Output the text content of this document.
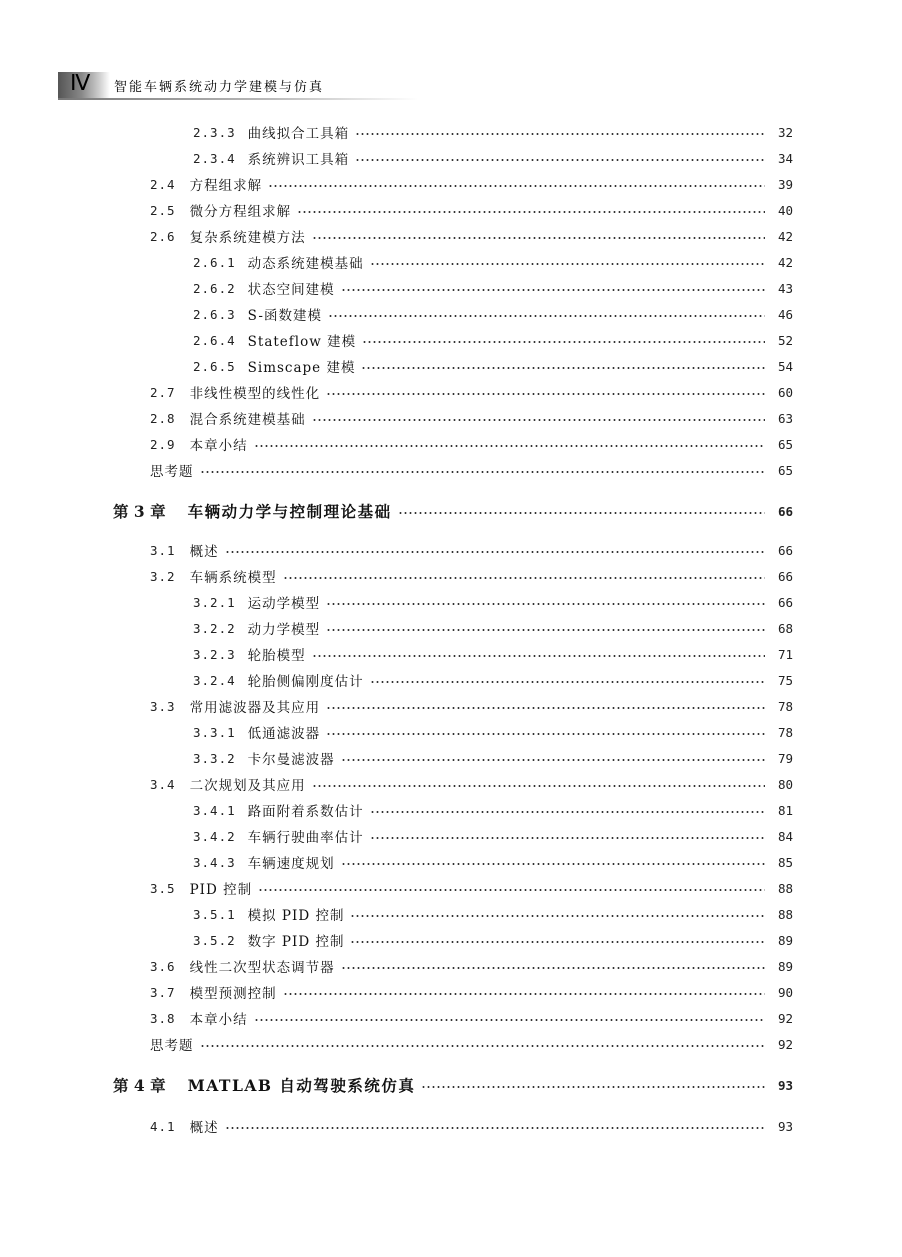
Ⅳ 智能车辆系统动力学建模与仿真
2.3.3 曲线拟合工具箱	32
2.3.4 系统辨识工具箱	34
2.4 方程组求解	39
2.5 微分方程组求解	40
2.6 复杂系统建模方法	42
2.6.1 动态系统建模基础	42
2.6.2 状态空间建模	43
2.6.3 S-函数建模	46
2.6.4 Stateflow 建模	52
2.6.5 Simscape 建模	54
2.7 非线性模型的线性化	60
2.8 混合系统建模基础	63
2.9 本章小结	65
思考题	65
第 3 章 车辆动力学与控制理论基础	66
3.1 概述	66
3.2 车辆系统模型	66
3.2.1 运动学模型	66
3.2.2 动力学模型	68
3.2.3 轮胎模型	71
3.2.4 轮胎侧偏刚度估计	75
3.3 常用滤波器及其应用	78
3.3.1 低通滤波器	78
3.3.2 卡尔曼滤波器	79
3.4 二次规划及其应用	80
3.4.1 路面附着系数估计	81
3.4.2 车辆行驶曲率估计	84
3.4.3 车辆速度规划	85
3.5 PID 控制	88
3.5.1 模拟 PID 控制	88
3.5.2 数字 PID 控制	89
3.6 线性二次型状态调节器	89
3.7 模型预测控制	90
3.8 本章小结	92
思考题	92
第 4 章 MATLAB 自动驾驶系统仿真	93
4.1 概述	93
